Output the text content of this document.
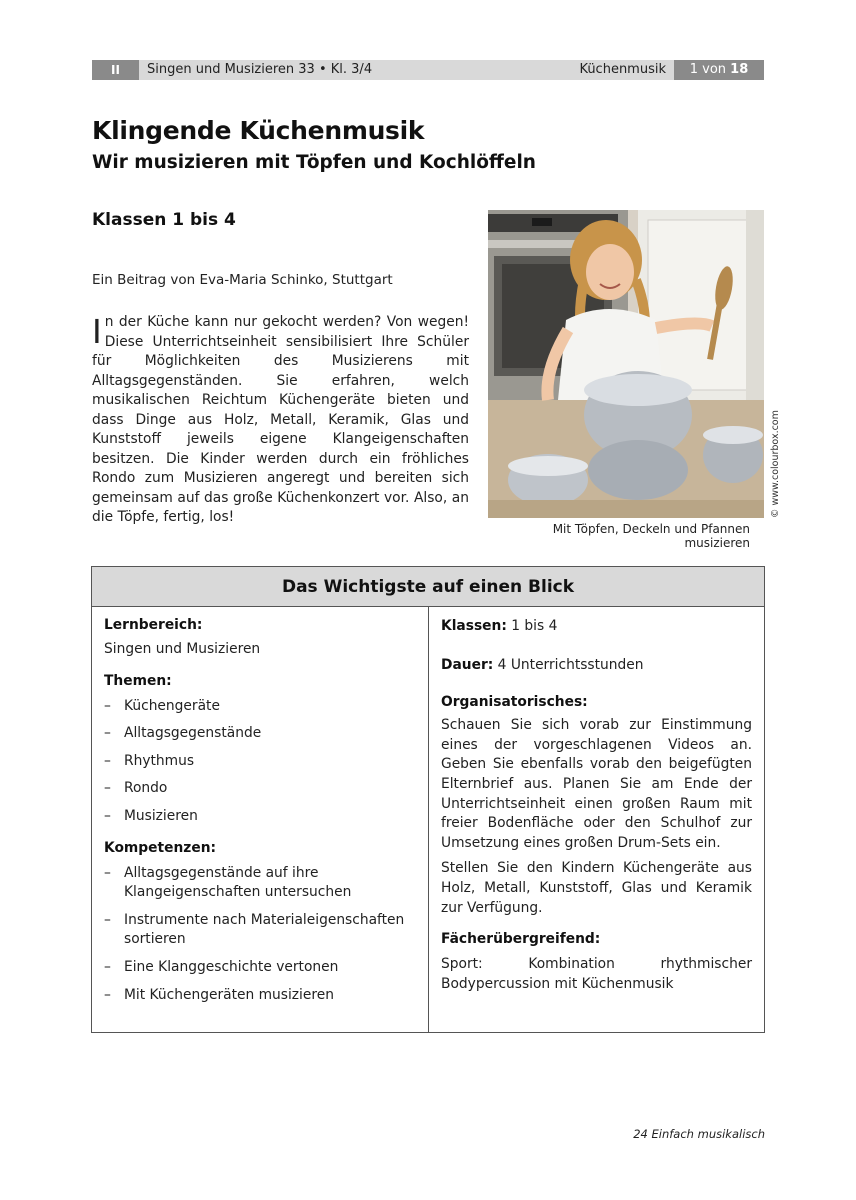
II	Singen und Musizieren 33 • Kl. 3/4	Küchenmusik	1 von 18
Klingende Küchenmusik
Wir musizieren mit Töpfen und Kochlöffeln
Klassen 1 bis 4
Ein Beitrag von Eva-Maria Schinko, Stuttgart
In der Küche kann nur gekocht werden? Von wegen! Diese Unterrichtseinheit sensibilisiert Ihre Schüler für Möglichkeiten des Musizierens mit Alltagsgegenständen. Sie erfahren, welch musikalischen Reichtum Küchengeräte bieten und dass Dinge aus Holz, Metall, Keramik, Glas und Kunststoff jeweils eigene Klangeigenschaften besitzen. Die Kinder werden durch ein fröhliches Rondo zum Musizieren angeregt und bereiten sich gemeinsam auf das große Küchenkonzert vor. Also, an die Töpfe, fertig, los!	© www.colourbox.com
Mit Töpfen, Deckeln und Pfannen musizieren
Das Wichtigste auf einen Blick
Lernbereich:
Singen und Musizieren
Themen:
– Küchengeräte
– Alltagsgegenstände
– Rhythmus
– Rondo
– Musizieren
Kompetenzen:
– Alltagsgegenstände auf ihre Klangeigenschaften untersuchen
– Instrumente nach Materialeigenschaften sortieren
– Eine Klanggeschichte vertonen
– Mit Küchengeräten musizieren
Klassen: 1 bis 4
Dauer: 4 Unterrichtsstunden
Organisatorisches:
Schauen Sie sich vorab zur Einstimmung eines der vorgeschlagenen Videos an. Geben Sie ebenfalls vorab den beigefügten Elternbrief aus. Planen Sie am Ende der Unterrichtseinheit einen großen Raum mit freier Bodenfläche oder den Schulhof zur Umsetzung eines großen Drum-Sets ein.
Stellen Sie den Kindern Küchengeräte aus Holz, Metall, Kunststoff, Glas und Keramik zur Verfügung.
Fächerübergreifend:
Sport: Kombination rhythmischer Bodypercussion mit Küchenmusik
24 Einfach musikalisch
